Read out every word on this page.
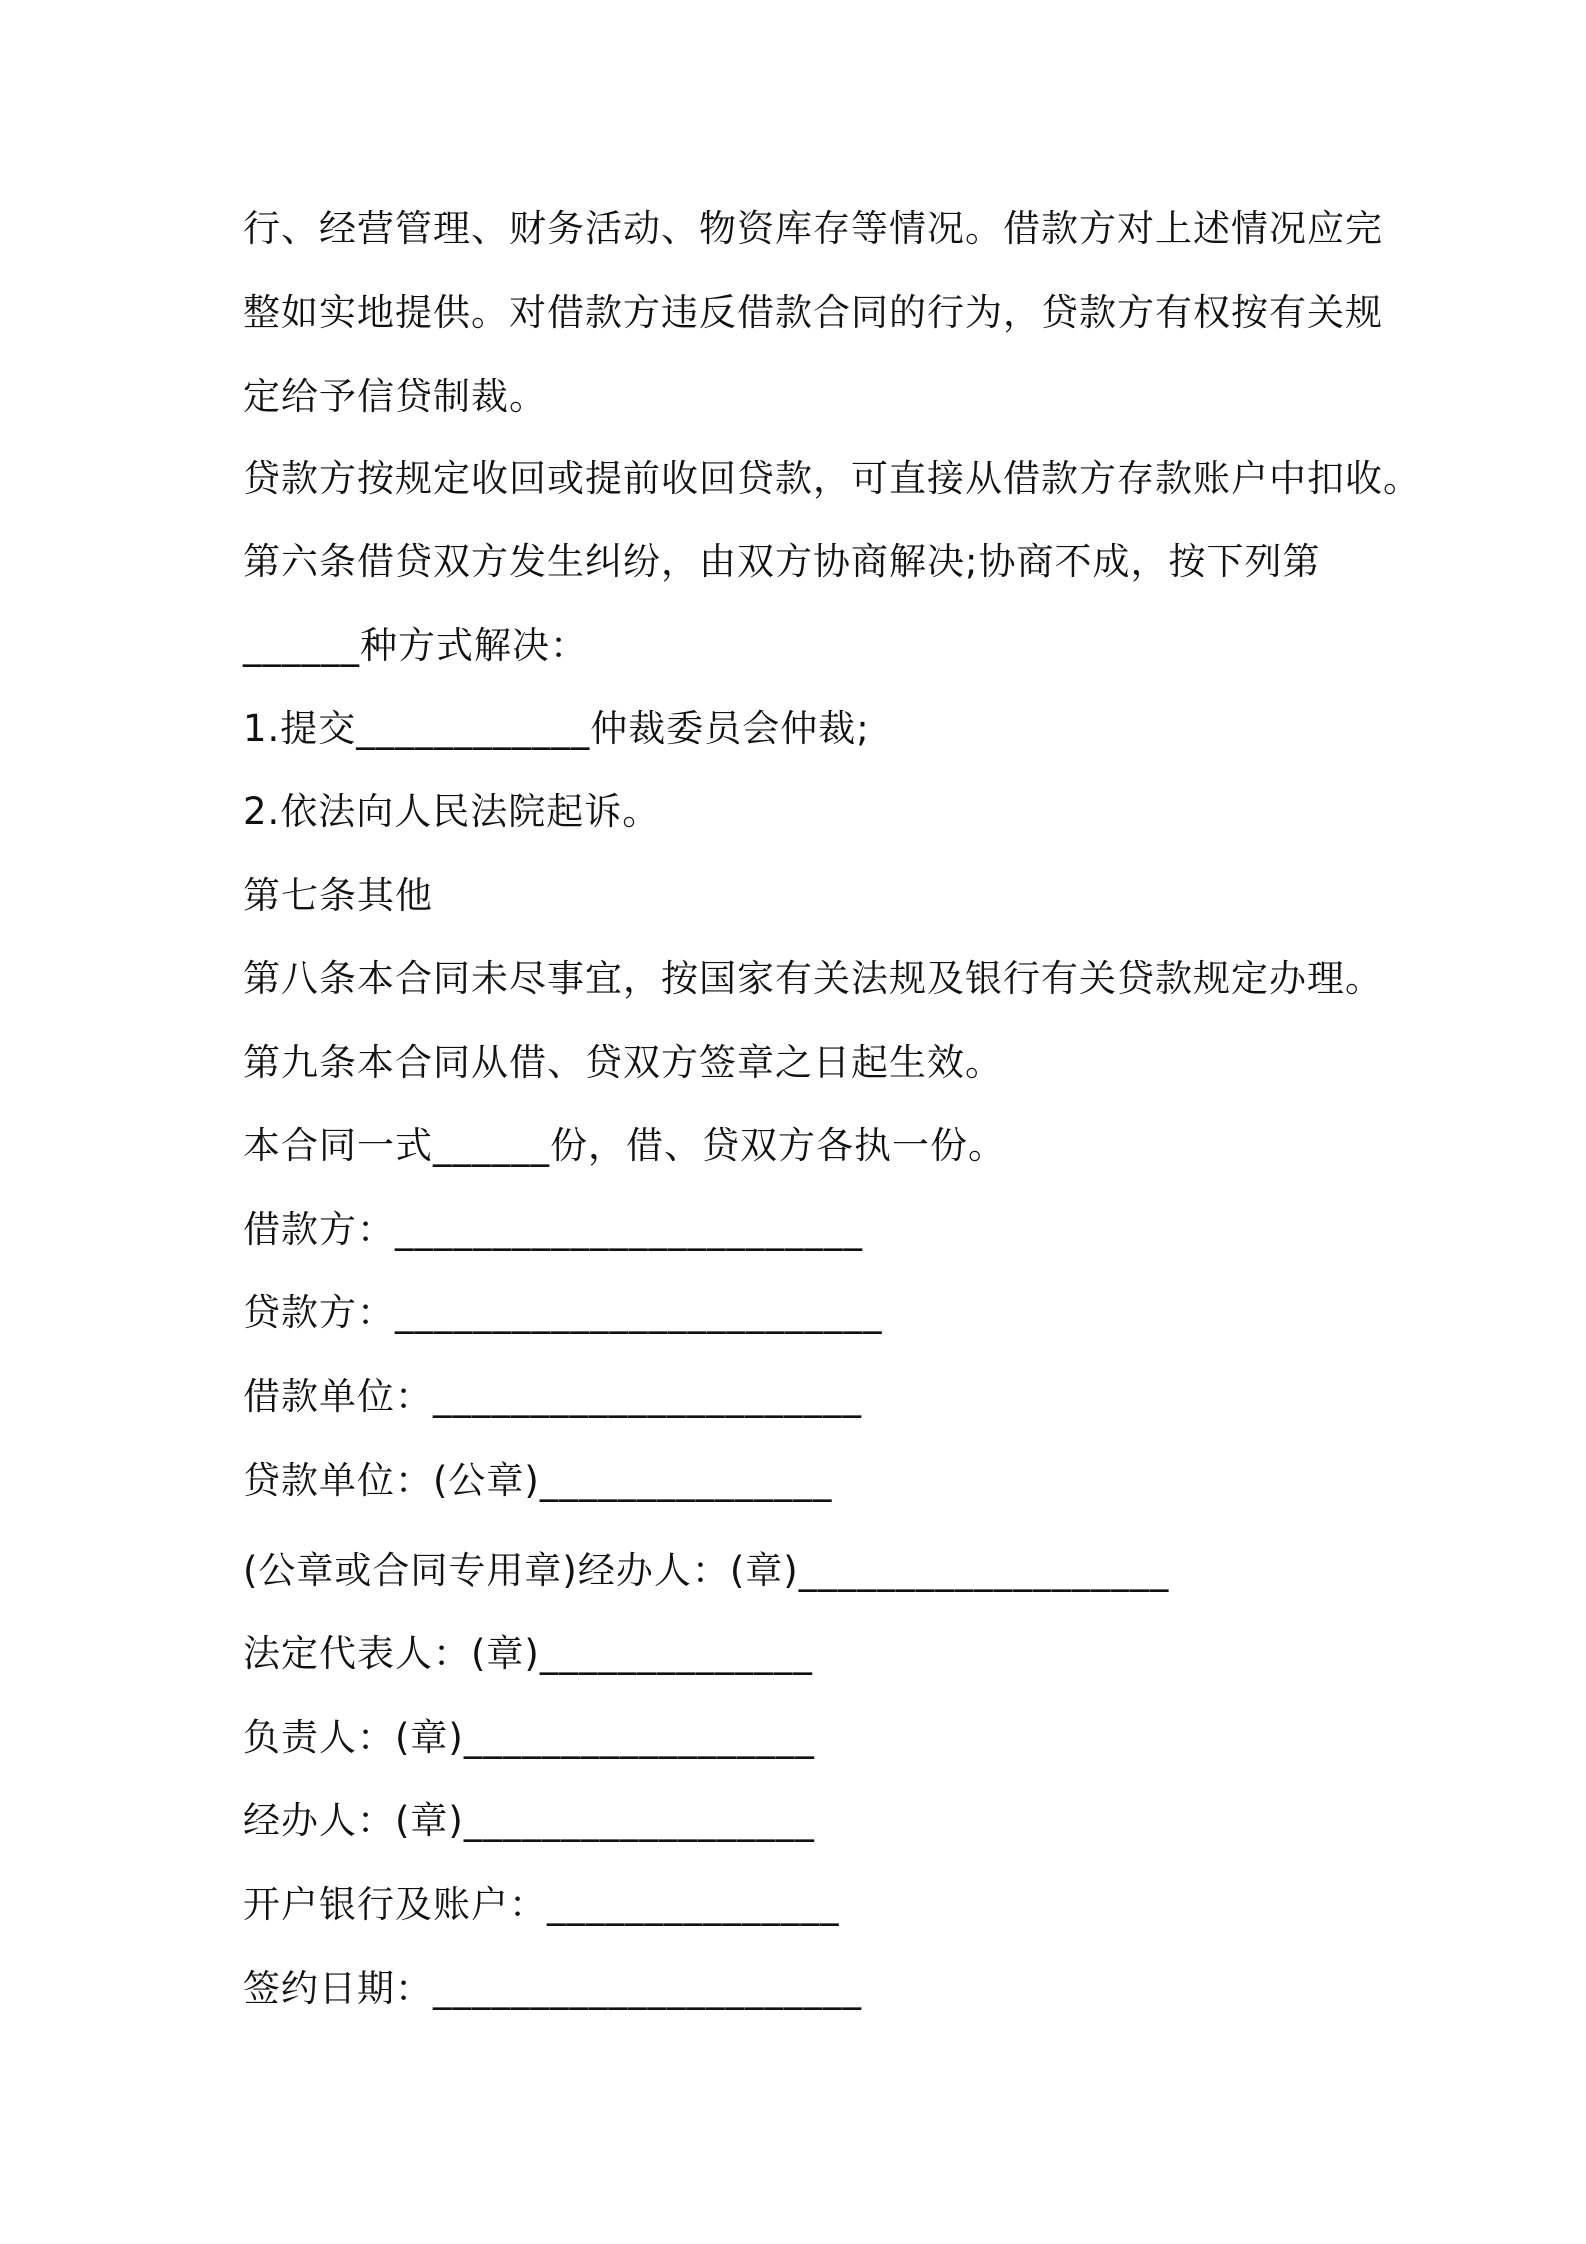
行、经营管理、财务活动、物资库存等情况。借款方对上述情况应完
整如实地提供。对借款方违反借款合同的行为，贷款方有权按有关规
定给予信贷制裁。
贷款方按规定收回或提前收回贷款，可直接从借款方存款账户中扣收。
第六条借贷双方发生纠纷，由双方协商解决;协商不成，按下列第
______种方式解决：
1.提交____________仲裁委员会仲裁;
2.依法向人民法院起诉。
第七条其他
第八条本合同未尽事宜，按国家有关法规及银行有关贷款规定办理。
第九条本合同从借、贷双方签章之日起生效。
本合同一式______份，借、贷双方各执一份。
借款方：________________________
贷款方：_________________________
借款单位：______________________
贷款单位：(公章)_______________
(公章或合同专用章)经办人：(章)___________________
法定代表人：(章)______________
负责人：(章)__________________
经办人：(章)__________________
开户银行及账户：_______________
签约日期：______________________
